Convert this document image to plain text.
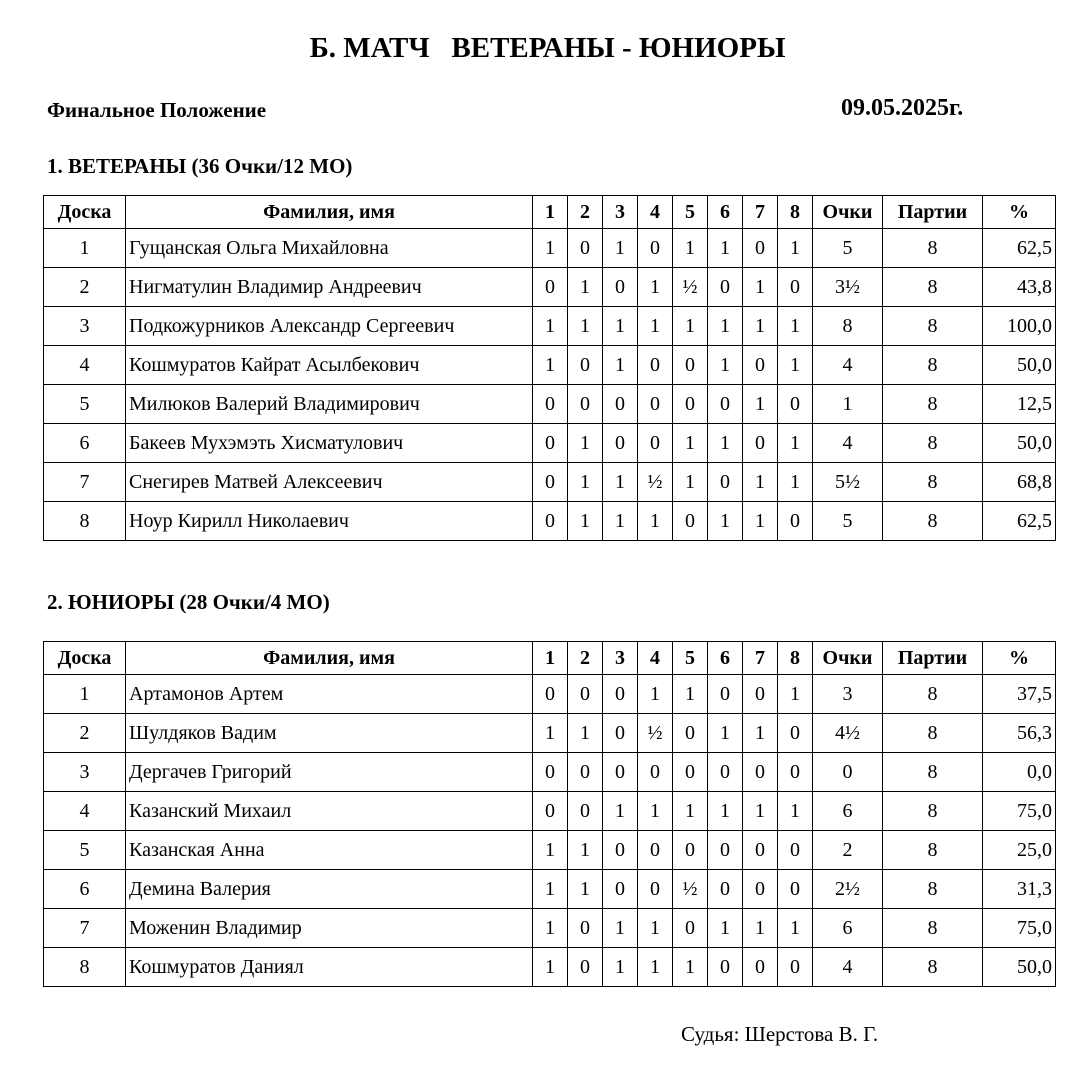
Б. МАТЧ   ВЕТЕРАНЫ - ЮНИОРЫ
Финальное Положение	09.05.2025г.
1. ВЕТЕРАНЫ (36 Очки/12 МО)
Доска	Фамилия, имя	1	2	3	4	5	6	7	8	Очки	Партии	%
1	Гущанская Ольга Михайловна	1	0	1	0	1	1	0	1	5	8	62,5
2	Нигматулин Владимир Андреевич	0	1	0	1	½	0	1	0	3½	8	43,8
3	Подкожурников Александр Сергеевич	1	1	1	1	1	1	1	1	8	8	100,0
4	Кошмуратов Кайрат Асылбекович	1	0	1	0	0	1	0	1	4	8	50,0
5	Милюков Валерий Владимирович	0	0	0	0	0	0	1	0	1	8	12,5
6	Бакеев Мухэмэть Хисматулович	0	1	0	0	1	1	0	1	4	8	50,0
7	Снегирев Матвей Алексеевич	0	1	1	½	1	0	1	1	5½	8	68,8
8	Ноур Кирилл Николаевич	0	1	1	1	0	1	1	0	5	8	62,5
2. ЮНИОРЫ (28 Очки/4 МО)
Доска	Фамилия, имя	1	2	3	4	5	6	7	8	Очки	Партии	%
1	Артамонов Артем	0	0	0	1	1	0	0	1	3	8	37,5
2	Шулдяков Вадим	1	1	0	½	0	1	1	0	4½	8	56,3
3	Дергачев Григорий	0	0	0	0	0	0	0	0	0	8	0,0
4	Казанский Михаил	0	0	1	1	1	1	1	1	6	8	75,0
5	Казанская Анна	1	1	0	0	0	0	0	0	2	8	25,0
6	Демина Валерия	1	1	0	0	½	0	0	0	2½	8	31,3
7	Моженин Владимир	1	0	1	1	0	1	1	1	6	8	75,0
8	Кошмуратов Даниял	1	0	1	1	1	0	0	0	4	8	50,0
Судья: Шерстова В. Г.
